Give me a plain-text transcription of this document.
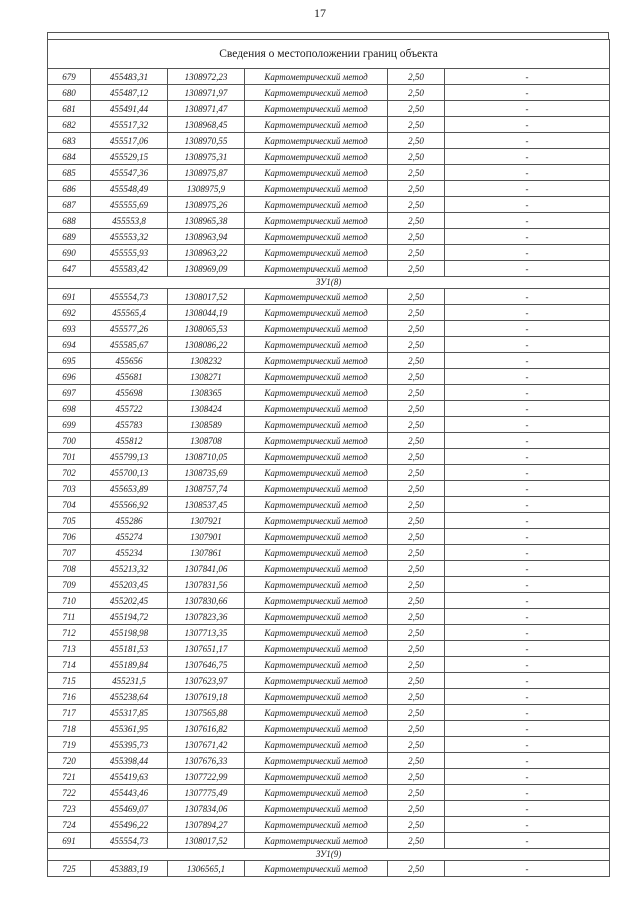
17
Сведения о местоположении границ объекта					
679	455483,31	1308972,23	Картометрический метод	2,50	-
680	455487,12	1308971,97	Картометрический метод	2,50	-
681	455491,44	1308971,47	Картометрический метод	2,50	-
682	455517,32	1308968,45	Картометрический метод	2,50	-
683	455517,06	1308970,55	Картометрический метод	2,50	-
684	455529,15	1308975,31	Картометрический метод	2,50	-
685	455547,36	1308975,87	Картометрический метод	2,50	-
686	455548,49	1308975,9	Картометрический метод	2,50	-
687	455555,69	1308975,26	Картометрический метод	2,50	-
688	455553,8	1308965,38	Картометрический метод	2,50	-
689	455553,32	1308963,94	Картометрический метод	2,50	-
690	455555,93	1308963,22	Картометрический метод	2,50	-
647	455583,42	1308969,09	Картометрический метод	2,50	-
ЗУ1(8)					
691	455554,73	1308017,52	Картометрический метод	2,50	-
692	455565,4	1308044,19	Картометрический метод	2,50	-
693	455577,26	1308065,53	Картометрический метод	2,50	-
694	455585,67	1308086,22	Картометрический метод	2,50	-
695	455656	1308232	Картометрический метод	2,50	-
696	455681	1308271	Картометрический метод	2,50	-
697	455698	1308365	Картометрический метод	2,50	-
698	455722	1308424	Картометрический метод	2,50	-
699	455783	1308589	Картометрический метод	2,50	-
700	455812	1308708	Картометрический метод	2,50	-
701	455799,13	1308710,05	Картометрический метод	2,50	-
702	455700,13	1308735,69	Картометрический метод	2,50	-
703	455653,89	1308757,74	Картометрический метод	2,50	-
704	455566,92	1308537,45	Картометрический метод	2,50	-
705	455286	1307921	Картометрический метод	2,50	-
706	455274	1307901	Картометрический метод	2,50	-
707	455234	1307861	Картометрический метод	2,50	-
708	455213,32	1307841,06	Картометрический метод	2,50	-
709	455203,45	1307831,56	Картометрический метод	2,50	-
710	455202,45	1307830,66	Картометрический метод	2,50	-
711	455194,72	1307823,36	Картометрический метод	2,50	-
712	455198,98	1307713,35	Картометрический метод	2,50	-
713	455181,53	1307651,17	Картометрический метод	2,50	-
714	455189,84	1307646,75	Картометрический метод	2,50	-
715	455231,5	1307623,97	Картометрический метод	2,50	-
716	455238,64	1307619,18	Картометрический метод	2,50	-
717	455317,85	1307565,88	Картометрический метод	2,50	-
718	455361,95	1307616,82	Картометрический метод	2,50	-
719	455395,73	1307671,42	Картометрический метод	2,50	-
720	455398,44	1307676,33	Картометрический метод	2,50	-
721	455419,63	1307722,99	Картометрический метод	2,50	-
722	455443,46	1307775,49	Картометрический метод	2,50	-
723	455469,07	1307834,06	Картометрический метод	2,50	-
724	455496,22	1307894,27	Картометрический метод	2,50	-
691	455554,73	1308017,52	Картометрический метод	2,50	-
ЗУ1(9)					
725	453883,19	1306565,1	Картометрический метод	2,50	-
